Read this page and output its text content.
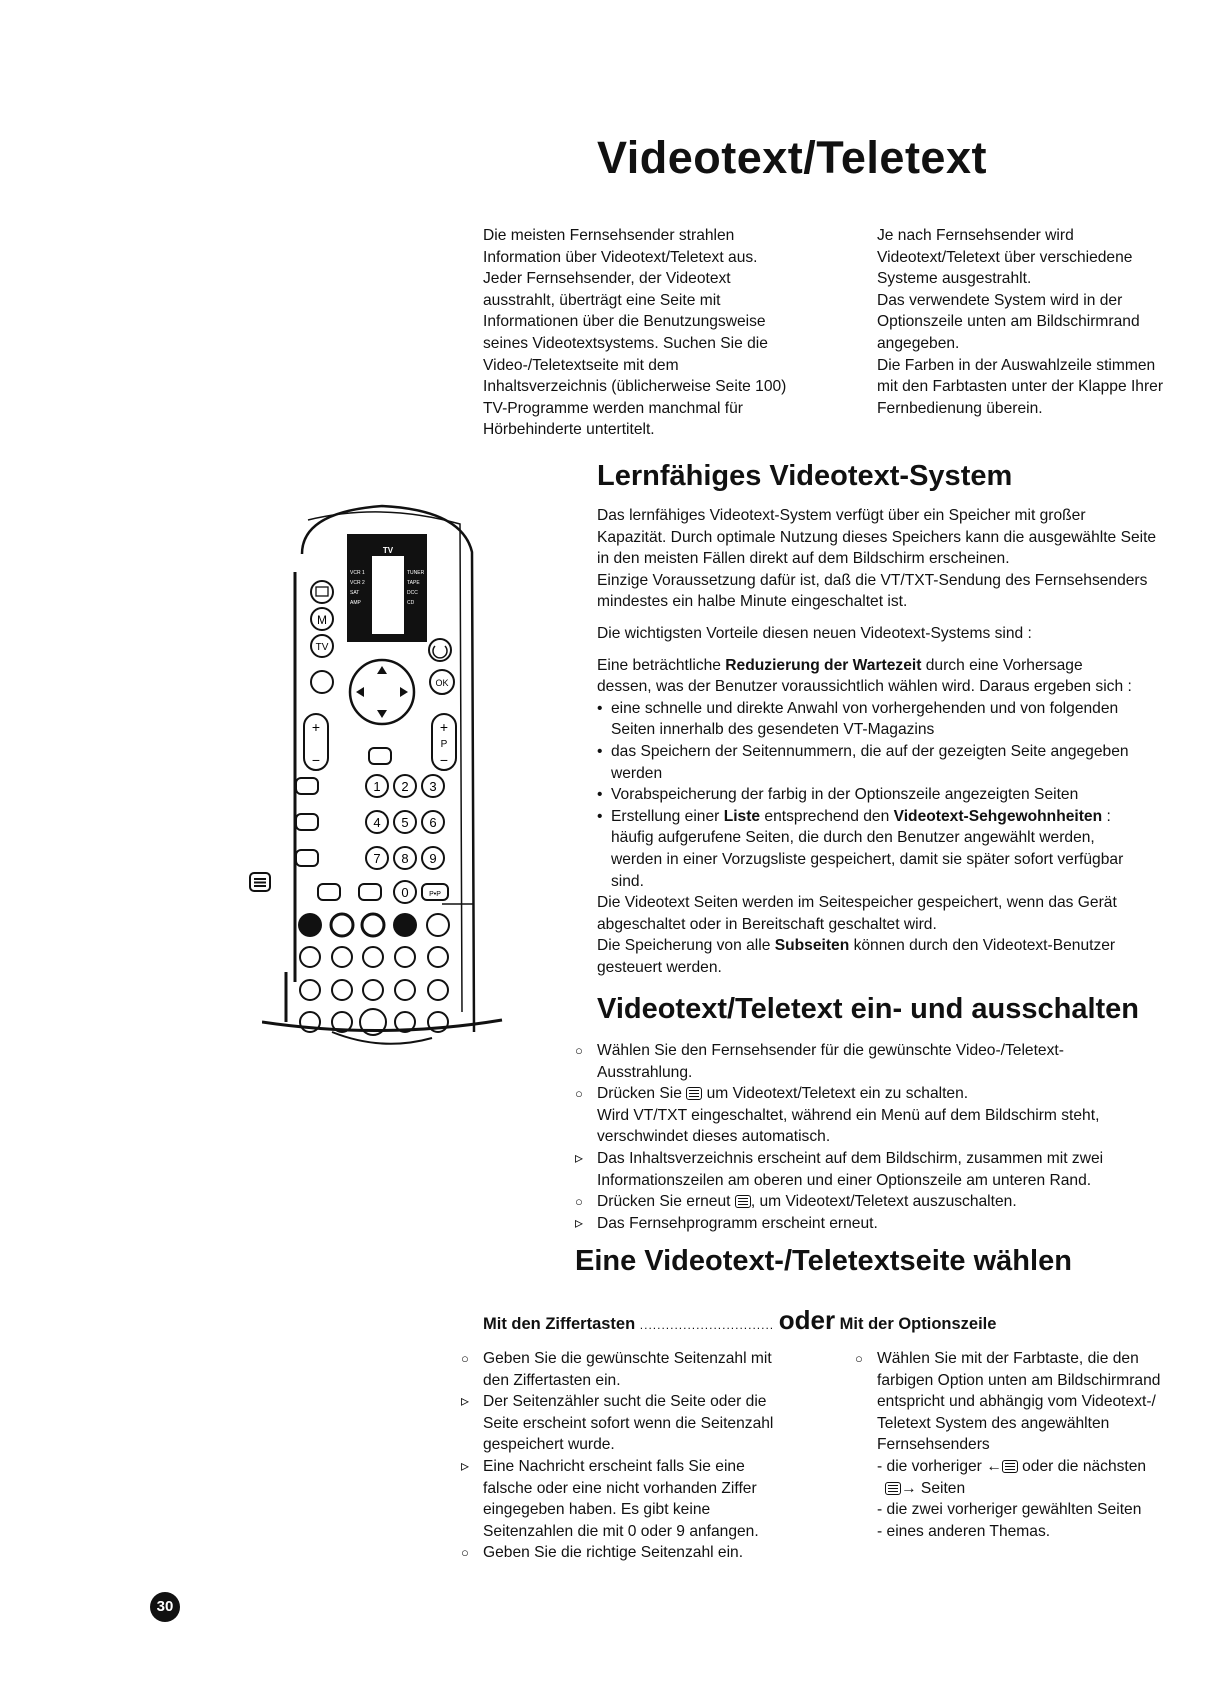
Videotext/Teletext
Die meisten Fernsehsender strahlen
Information über Videotext/Teletext aus.
Jeder Fernsehsender, der Videotext
ausstrahlt, überträgt eine Seite mit
Informationen über die Benutzungsweise
seines Videotextsystems. Suchen Sie die
Video-/Teletextseite mit dem
Inhaltsverzeichnis (üblicherweise Seite 100)
TV-Programme werden manchmal für
Hörbehinderte untertitelt.
Je nach Fernsehsender wird
Videotext/Teletext über verschiedene
Systeme ausgestrahlt.
Das verwendete System wird in der
Optionszeile unten am Bildschirmrand
angegeben.
Die Farben in der Auswahlzeile stimmen
mit den Farbtasten unter der Klappe Ihrer
Fernbedienung überein.
Lernfähiges Videotext-System
Das lernfähiges Videotext-System verfügt über ein Speicher mit großer
Kapazität. Durch optimale Nutzung dieses Speichers kann die ausgewählte Seite
in den meisten Fällen direkt auf dem Bildschirm erscheinen.
Einzige Voraussetzung dafür ist, daß die VT/TXT-Sendung des Fernsehsenders
mindestes ein halbe Minute eingeschaltet ist.
Die wichtigsten Vorteile diesen neuen Videotext-Systems sind :
Eine beträchtliche Reduzierung der Wartezeit durch eine Vorhersage
dessen, was der Benutzer voraussichtlich wählen wird. Daraus ergeben sich :
• eine schnelle und direkte Anwahl von vorhergehenden und von folgenden
Seiten innerhalb des gesendeten VT-Magazins
• das Speichern der Seitennummern, die auf der gezeigten Seite angegeben
werden
• Vorabspeicherung der farbig in der Optionszeile angezeigten Seiten
• Erstellung einer Liste entsprechend den Videotext-Sehgewohnheiten :
häufig aufgerufene Seiten, die durch den Benutzer angewählt werden,
werden in einer Vorzugsliste gespeichert, damit sie später sofort verfügbar
sind.
Die Videotext Seiten werden im Seitespeicher gespeichert, wenn das Gerät
abgeschaltet oder in Bereitschaft geschaltet wird.
Die Speicherung von alle Subseiten können durch den Videotext-Benutzer
gesteuert werden.
Videotext/Teletext ein- und ausschalten
○
Wählen Sie den Fernsehsender für die gewünschte Video-/Teletext-
Ausstrahlung.
○
Drücken Sie  um Videotext/Teletext ein zu schalten.
Wird VT/TXT eingeschaltet, während ein Menü auf dem Bildschirm steht,
verschwindet dieses automatisch.
▹
Das Inhaltsverzeichnis erscheint auf dem Bildschirm, zusammen mit zwei
Informationszeilen am oberen und einer Optionszeile am unteren Rand.
○
Drücken Sie erneut , um Videotext/Teletext auszuschalten.
▹
Das Fernsehprogramm erscheint erneut.
Eine Videotext-/Teletextseite wählen
Mit den Ziffertasten ............................... oder Mit der Optionszeile
○
Geben Sie die gewünschte Seitenzahl mit
den Ziffertasten ein.
▹
Der Seitenzähler sucht die Seite oder die
Seite erscheint sofort wenn die Seitenzahl
gespeichert wurde.
▹
Eine Nachricht erscheint falls Sie eine
falsche oder eine nicht vorhanden Ziffer
eingegeben haben. Es gibt keine
Seitenzahlen die mit 0 oder 9 anfangen.
○
Geben Sie die richtige Seitenzahl ein.
○
Wählen Sie mit der Farbtaste, die den
farbigen Option unten am Bildschirmrand
entspricht und abhängig vom Videotext-/
Teletext System des angewählten
Fernsehsenders
- die vorheriger ← oder die nächsten
→ Seiten
- die zwei vorheriger gewählten Seiten
- eines anderen Themas.
TV
VCR 1
VCR 2
SAT
AMP
TUNER
TAPE
DCC
CD
M
TV
OK
+
−
+
P
−
1 2 3
4 5 6
7 8 9
0	P•P
30
